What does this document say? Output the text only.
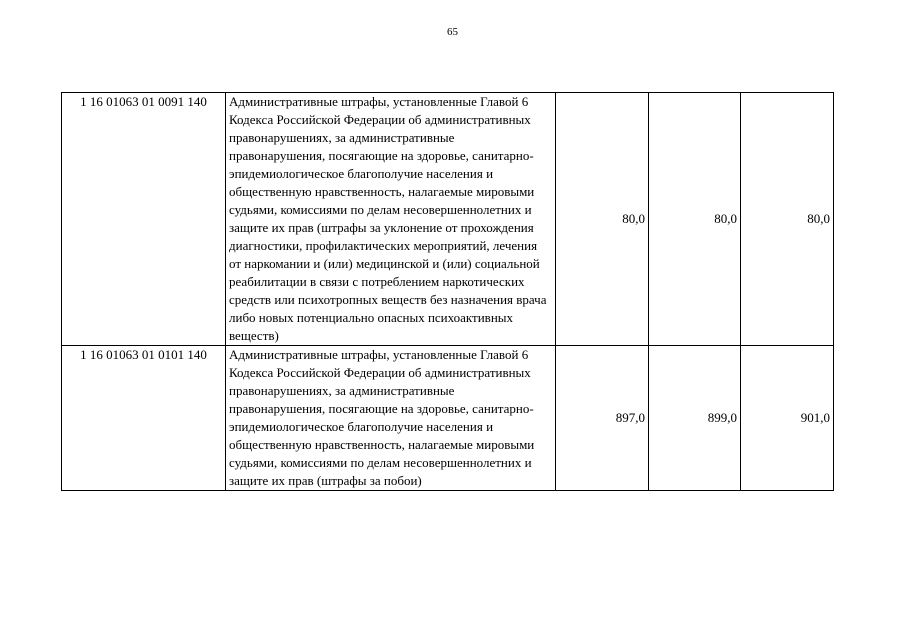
65
1 16 01063 01 0091 140	Административные штрафы, установленные Главой 6 Кодекса Российской Федерации об административных правонарушениях, за административные правонарушения, посягающие на здоровье, санитарно-эпидемиологическое благополучие населения и общественную нравственность, налагаемые мировыми судьями, комиссиями по делам несовершеннолетних и защите их прав (штрафы за уклонение от прохождения диагностики, профилактических мероприятий, лечения от наркомании и (или) медицинской и (или) социальной реабилитации в связи с потреблением наркотических средств или психотропных веществ без назначения врача либо новых потенциально опасных психоактивных веществ)	80,0	80,0	80,0
1 16 01063 01 0101 140	Административные штрафы, установленные Главой 6 Кодекса Российской Федерации об административных правонарушениях, за административные правонарушения, посягающие на здоровье, санитарно-эпидемиологическое благополучие населения и общественную нравственность, налагаемые мировыми судьями, комиссиями по делам несовершеннолетних и защите их прав (штрафы за побои)	897,0	899,0	901,0
